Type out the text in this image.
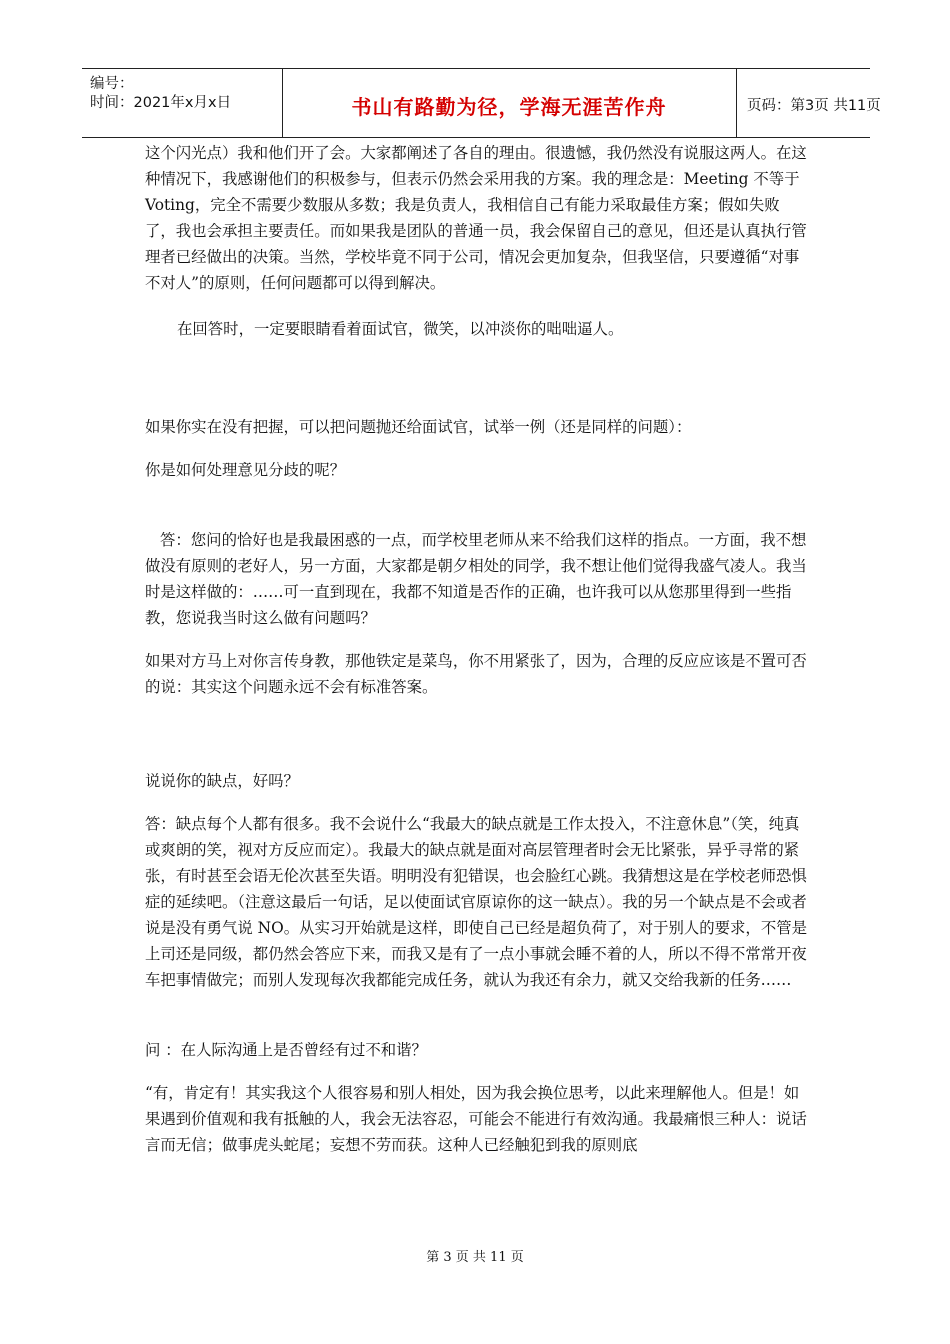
编号：
时间：2021年x月x日	书山有路勤为径，学海无涯苦作舟	页码：第3页 共11页

这个闪光点）我和他们开了会。大家都阐述了各自的理由。很遗憾，我仍然没有说服这两人。在这种情况下，我感谢他们的积极参与，但表示仍然会采用我的方案。我的理念是：Meeting 不等于 Voting，完全不需要少数服从多数；我是负责人，我相信自己有能力采取最佳方案；假如失败了，我也会承担主要责任。而如果我是团队的普通一员，我会保留自己的意见，但还是认真执行管理者已经做出的决策。当然，学校毕竟不同于公司，情况会更加复杂，但我坚信，只要遵循“对事不对人”的原则，任何问题都可以得到解决。

在回答时，一定要眼睛看着面试官，微笑，以冲淡你的咄咄逼人。

如果你实在没有把握，可以把问题抛还给面试官，试举一例（还是同样的问题）：

你是如何处理意见分歧的呢？

答：您问的恰好也是我最困惑的一点，而学校里老师从来不给我们这样的指点。一方面，我不想做没有原则的老好人，另一方面，大家都是朝夕相处的同学，我不想让他们觉得我盛气凌人。我当时是这样做的：……可一直到现在，我都不知道是否作的正确，也许我可以从您那里得到一些指教，您说我当时这么做有问题吗？

如果对方马上对你言传身教，那他铁定是菜鸟，你不用紧张了，因为，合理的反应应该是不置可否的说：其实这个问题永远不会有标准答案。

说说你的缺点，好吗？

答：缺点每个人都有很多。我不会说什么“我最大的缺点就是工作太投入，不注意休息”（笑，纯真或爽朗的笑，视对方反应而定）。我最大的缺点就是面对高层管理者时会无比紧张，异乎寻常的紧张，有时甚至会语无伦次甚至失语。明明没有犯错误，也会脸红心跳。我猜想这是在学校老师恐惧症的延续吧。（注意这最后一句话，足以使面试官原谅你的这一缺点）。我的另一个缺点是不会或者说是没有勇气说 NO。从实习开始就是这样，即使自己已经是超负荷了，对于别人的要求，不管是上司还是同级，都仍然会答应下来，而我又是有了一点小事就会睡不着的人，所以不得不常常开夜车把事情做完；而别人发现每次我都能完成任务，就认为我还有余力，就又交给我新的任务……

问 ：在人际沟通上是否曾经有过不和谐？

“有，肯定有！其实我这个人很容易和别人相处，因为我会换位思考，以此来理解他人。但是！如果遇到价值观和我有抵触的人，我会无法容忍，可能会不能进行有效沟通。我最痛恨三种人：说话言而无信；做事虎头蛇尾；妄想不劳而获。这种人已经触犯到我的原则底

第 3 页 共 11 页
